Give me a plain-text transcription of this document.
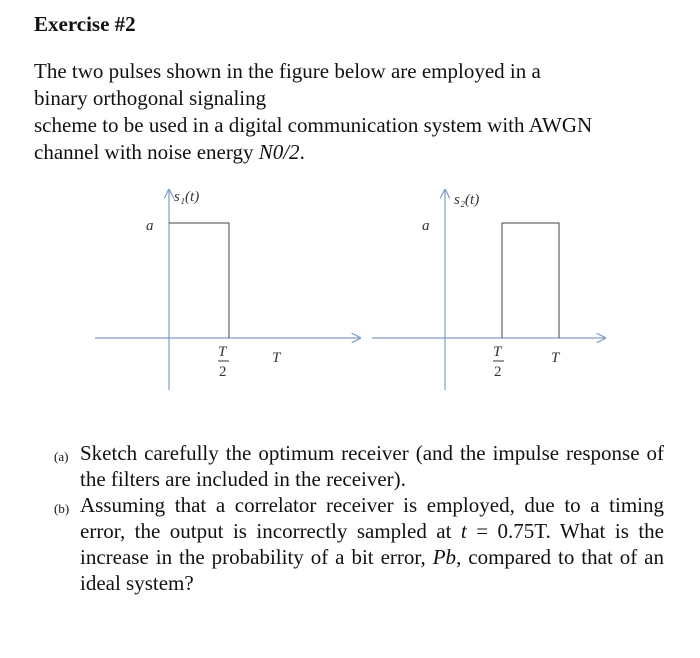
Exercise #2
The two pulses shown in the figure below are employed in a
binary orthogonal signaling
scheme to be used in a digital communication system with AWGN
channel with noise energy N0/2.
s₁(t)
a
T
2
T
s₂(t)
a
T
2
T
(a) Sketch carefully the optimum receiver (and the impulse response of the filters are included in the receiver).
(b) Assuming that a correlator receiver is employed, due to a timing error, the output is incorrectly sampled at t = 0.75T. What is the increase in the probability of a bit error, Pb, compared to that of an ideal system?
